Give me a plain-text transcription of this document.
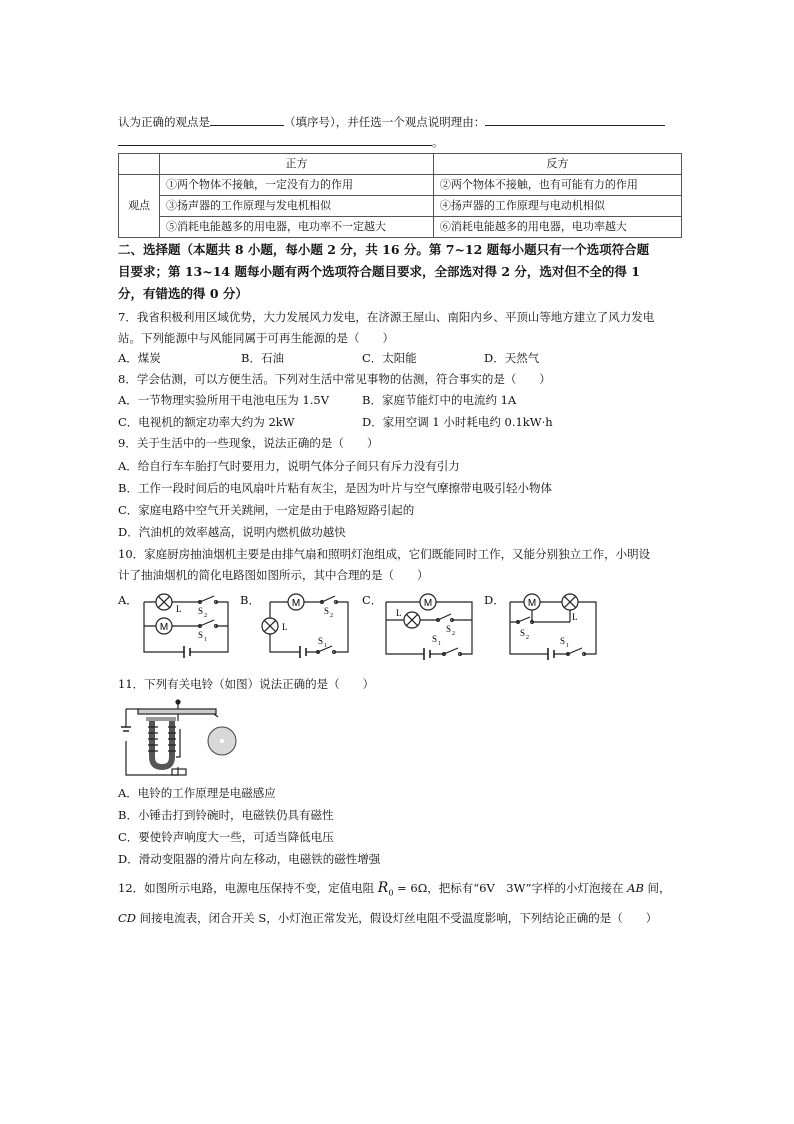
认为正确的观点是	（填序号），并任选一个观点说明理由：
。
	正方	反方
观点	①两个物体不接触，一定没有力的作用	②两个物体不接触，也有可能有力的作用
	③扬声器的工作原理与发电机相似	④扬声器的工作原理与电动机相似
	⑤消耗电能越多的用电器，电功率不一定越大	⑥消耗电能越多的用电器，电功率越大
二、选择题（本题共 8 小题，每小题 2 分，共 16 分。第 7~12 题每小题只有一个选项符合题
目要求；第 13~14 题每小题有两个选项符合题目要求，全部选对得 2 分，选对但不全的得 1
分，有错选的得 0 分）
7．我省积极利用区域优势，大力发展风力发电，在济源王屋山、南阳内乡、平顶山等地方建立了风力发电
站。下列能源中与风能同属于可再生能源的是（　　）
A．煤炭	B．石油	C．太阳能	D．天然气
8．学会估测，可以方便生活。下列对生活中常见事物的估测，符合事实的是（　　）
A．一节物理实验所用干电池电压为 1.5V	B．家庭节能灯中的电流约 1A
C．电视机的额定功率大约为 2kW	D．家用空调 1 小时耗电约 0.1kW·h
9．关于生活中的一些现象，说法正确的是（　　）
A．给自行车车胎打气时要用力，说明气体分子间只有斥力没有引力
B．工作一段时间后的电风扇叶片粘有灰尘，是因为叶片与空气摩擦带电吸引轻小物体
C．家庭电路中空气开关跳闸，一定是由于电路短路引起的
D．汽油机的效率越高，说明内燃机做功越快
10．家庭厨房抽油烟机主要是由排气扇和照明灯泡组成，它们既能同时工作，又能分别独立工作，小明设
计了抽油烟机的简化电路图如图所示，其中合理的是（　　）
A．
M
L S 2
S 1
B．	M
L
S 2
S 1
C．	M
L
S 2
S 1
D． M
L
S 2	S 1
11．下列有关电铃（如图）说法正确的是（　　）
A．电铃的工作原理是电磁感应
B．小锤击打到铃碗时，电磁铁仍具有磁性
C．要使铃声响度大一些，可适当降低电压
D．滑动变阻器的滑片向左移动，电磁铁的磁性增强
12．如图所示电路，电源电压保持不变，定值电阻 $R_0 = 6\Omega$，把标有“6V　3W”字样的小灯泡接在 AB 间，
CD 间接电流表，闭合开关 S，小灯泡正常发光，假设灯丝电阻不受温度影响，下列结论正确的是（　　）
